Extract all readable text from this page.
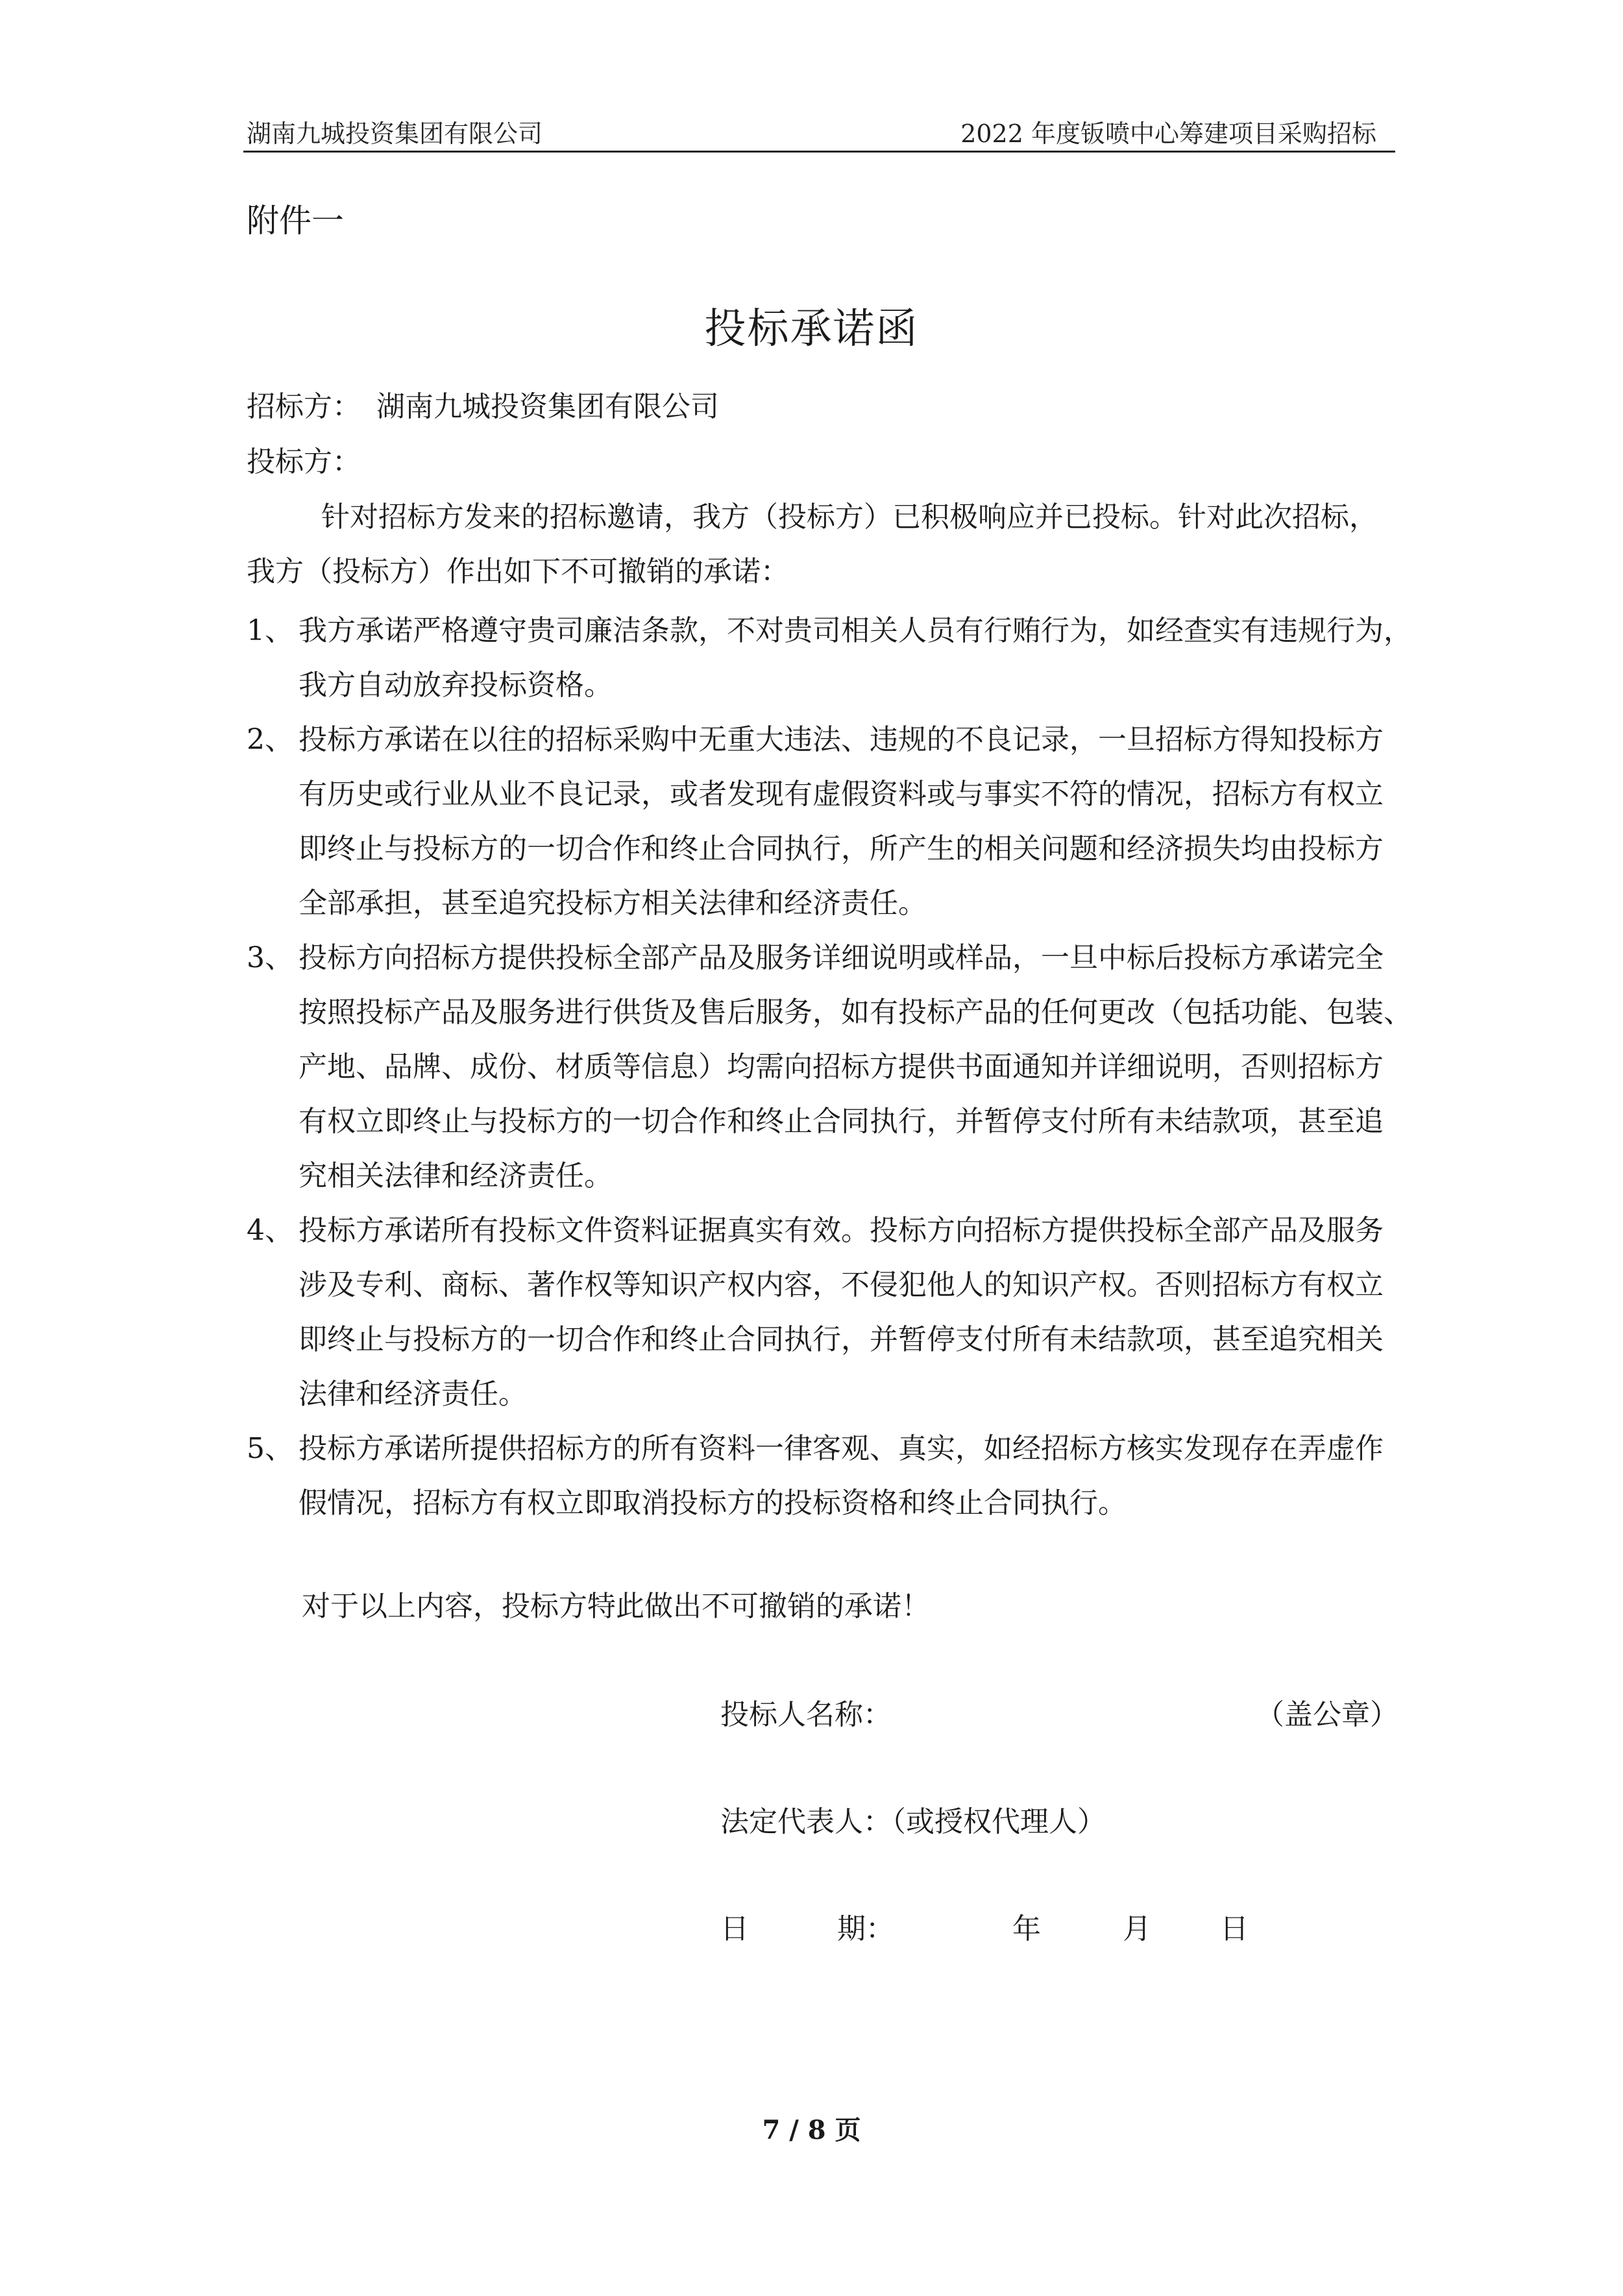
湖南九城投资集团有限公司	2022 年度钣喷中心筹建项目采购招标
附件一
投标承诺函
招标方： 湖南九城投资集团有限公司
投标方：

针对招标方发来的招标邀请，我方（投标方）已积极响应并已投标。针对此次招标，

我方（投标方）作出如下不可撤销的承诺：

1、 我方承诺严格遵守贵司廉洁条款，不对贵司相关人员有行贿行为，如经查实有违规行为，
我方自动放弃投标资格。
2、 投标方承诺在以往的招标采购中无重大违法、违规的不良记录，一旦招标方得知投标方
有历史或行业从业不良记录，或者发现有虚假资料或与事实不符的情况，招标方有权立
即终止与投标方的一切合作和终止合同执行，所产生的相关问题和经济损失均由投标方
全部承担，甚至追究投标方相关法律和经济责任。
3、 投标方向招标方提供投标全部产品及服务详细说明或样品，一旦中标后投标方承诺完全
按照投标产品及服务进行供货及售后服务，如有投标产品的任何更改（包括功能、包装、
产地、品牌、成份、材质等信息）均需向招标方提供书面通知并详细说明，否则招标方
有权立即终止与投标方的一切合作和终止合同执行，并暂停支付所有未结款项，甚至追
究相关法律和经济责任。
4、 投标方承诺所有投标文件资料证据真实有效。投标方向招标方提供投标全部产品及服务
涉及专利、商标、著作权等知识产权内容，不侵犯他人的知识产权。否则招标方有权立
即终止与投标方的一切合作和终止合同执行，并暂停支付所有未结款项，甚至追究相关
法律和经济责任。
5、 投标方承诺所提供招标方的所有资料一律客观、真实，如经招标方核实发现存在弄虚作
假情况，招标方有权立即取消投标方的投标资格和终止合同执行。
对于以上内容，投标方特此做出不可撤销的承诺！
投标人名称：	（盖公章）
法定代表人：（或授权代理人）
日	期：	年	月 日
7 / 8 页
